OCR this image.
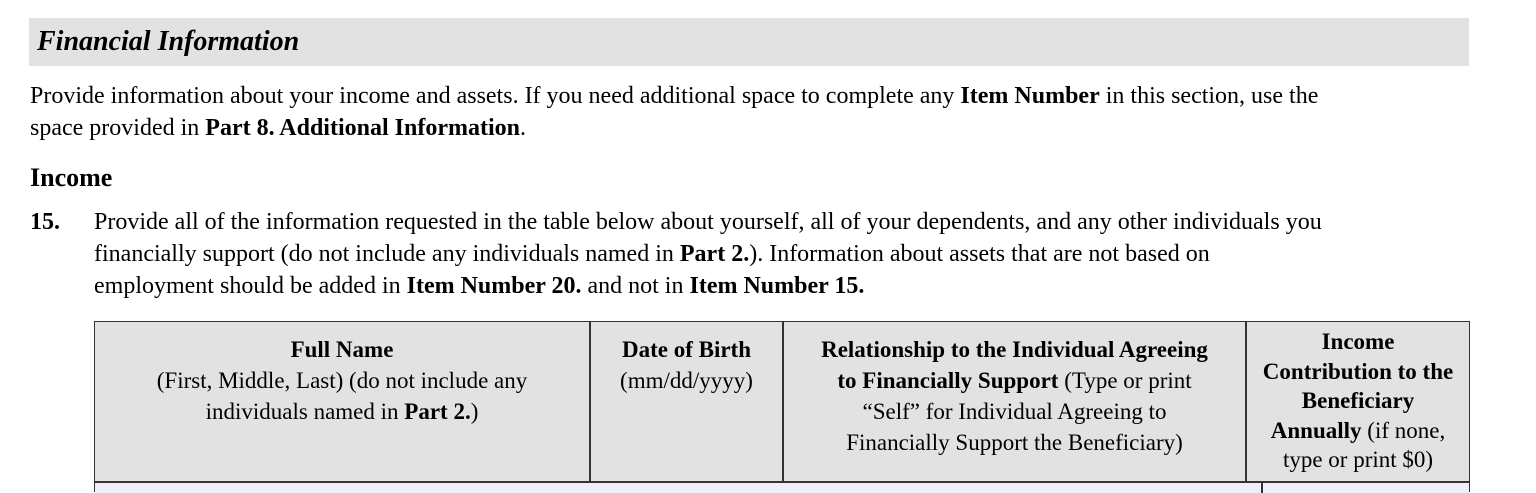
Financial Information
Provide information about your income and assets. If you need additional space to complete any Item Number in this section, use the
space provided in Part 8. Additional Information.
Income
15. Provide all of the information requested in the table below about yourself, all of your dependents, and any other individuals you
financially support (do not include any individuals named in Part 2.). Information about assets that are not based on
employment should be added in Item Number 20. and not in Item Number 15.
Full Name
(First, Middle, Last) (do not include any
individuals named in Part 2.)
Date of Birth
(mm/dd/yyyy)
Relationship to the Individual Agreeing
to Financially Support (Type or print
“Self” for Individual Agreeing to
Financially Support the Beneficiary)
Income
Contribution to the
Beneficiary
Annually (if none,
type or print $0)
